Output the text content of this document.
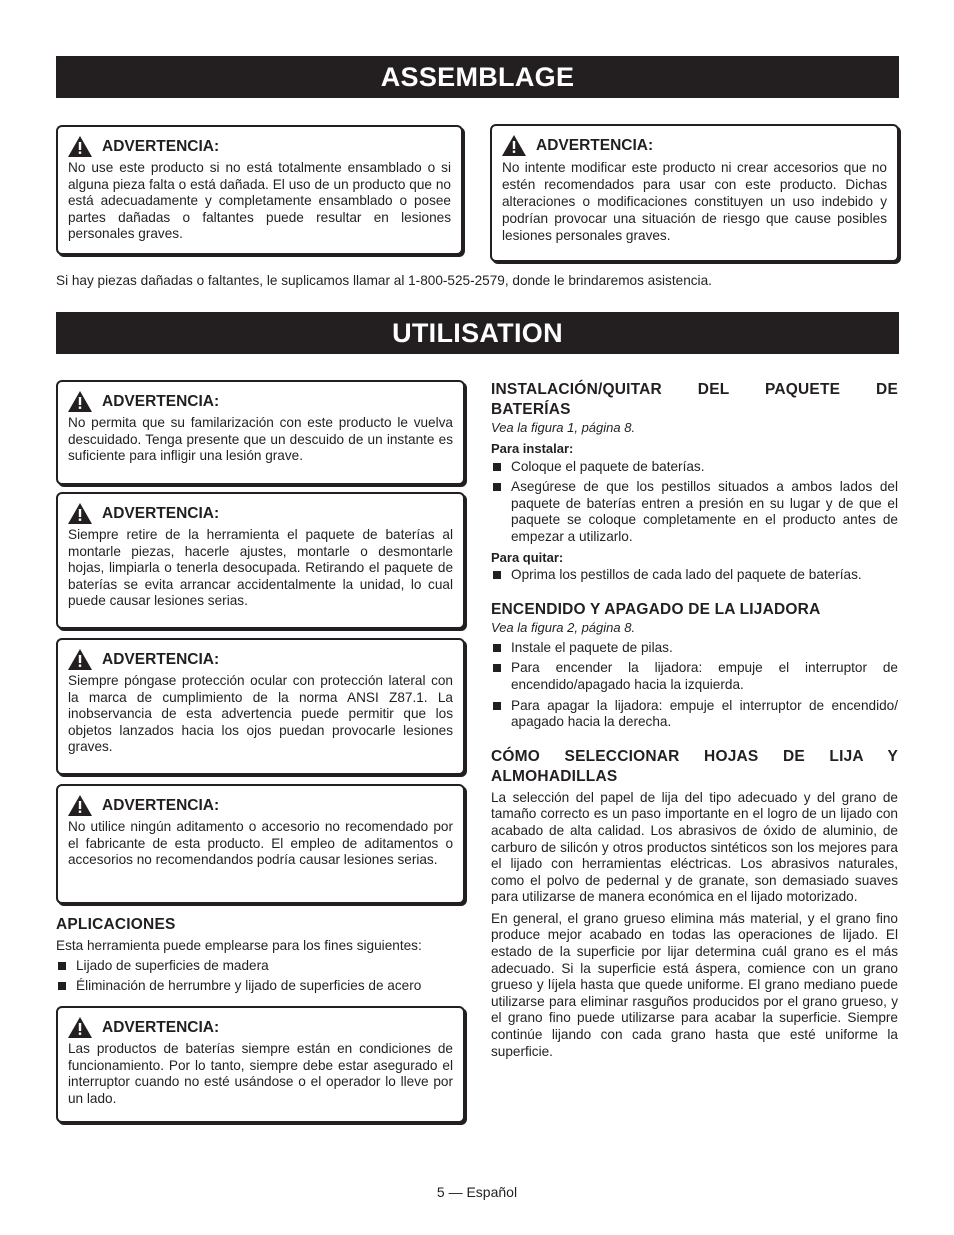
ASSEMBLAGE
ADVERTENCIA:
No use este producto si no está totalmente ensamblado o si alguna pieza falta o está dañada. El uso de un producto que no está adecuadamente y completamente ensamblado o posee partes dañadas o faltantes puede resultar en lesiones personales graves.
ADVERTENCIA:
No intente modificar este producto ni crear accesorios que no estén recomendados para usar con este producto. Dichas alteraciones o modificaciones constituyen un uso indebido y podrían provocar una situación de riesgo que cause posibles lesiones personales graves.
Si hay piezas dañadas o faltantes, le suplicamos llamar al 1-800-525-2579, donde le brindaremos asistencia.
UTILISATION
ADVERTENCIA:
No permita que su familarización con este producto le vuelva descuidado. Tenga presente que un descuido de un instante es suficiente para infligir una lesión grave.
ADVERTENCIA:
Siempre retire de la herramienta el paquete de baterías al montarle piezas, hacerle ajustes, montarle o desmontarle hojas, limpiarla o tenerla desocupada. Retirando el paquete de baterías se evita arrancar accidentalmente la unidad, lo cual puede causar lesiones serias.
ADVERTENCIA:
Siempre póngase protección ocular con protección lateral con la marca de cumplimiento de la norma ANSI Z87.1. La inobservancia de esta advertencia puede permitir que los objetos lanzados hacia los ojos puedan provocarle lesiones graves.
ADVERTENCIA:
No utilice ningún aditamento o accesorio no recomendado por el fabricante de esta producto. El empleo de aditamentos o accesorios no recomendandos podría causar lesiones serias.
APLICACIONES
Esta herramienta puede emplearse para los fines siguientes:
Lijado de superficies de madera
Éliminación de herrumbre y lijado de superficies de acero
ADVERTENCIA:
Las productos de baterías siempre están en condiciones de funcionamiento. Por lo tanto, siempre debe estar asegurado el interruptor cuando no esté usándose o el operador lo lleve por un lado.
INSTALACIÓN/QUITAR DEL PAQUETE DE BATERÍAS
Vea la figura 1, página 8.
Para instalar:
Coloque el paquete de baterías.
Asegúrese de que los pestillos situados a ambos lados del paquete de baterías entren a presión en su lugar y de que el paquete se coloque completamente en el producto antes de empezar a utilizarlo.
Para quitar:
Oprima los pestillos de cada lado del paquete de baterías.
ENCENDIDO Y APAGADO DE LA LIJADORA
Vea la figura 2, página 8.
Instale el paquete de pilas.
Para encender la lijadora: empuje el interruptor de encendido/apagado hacia la izquierda.
Para apagar la lijadora: empuje el interruptor de encendido/ apagado hacia la derecha.
CÓMO SELECCIONAR HOJAS DE LIJA Y ALMOHADILLAS

La selección del papel de lija del tipo adecuado y del grano de tamaño correcto es un paso importante en el logro de un lijado con acabado de alta calidad. Los abrasivos de óxido de aluminio, de carburo de silicón y otros productos sintéticos son los mejores para el lijado con herramientas eléctricas. Los abrasivos naturales, como el polvo de pedernal y de granate, son demasiado suaves para utilizarse de manera económica en el lijado motorizado.

En general, el grano grueso elimina más material, y el grano fino produce mejor acabado en todas las operaciones de lijado. El estado de la superficie por lijar determina cuál grano es el más adecuado. Si la superficie está áspera, comience con un grano grueso y líjela hasta que quede uniforme. El grano mediano puede utilizarse para eliminar rasguños producidos por el grano grueso, y el grano fino puede utilizarse para acabar la superficie. Siempre continúe lijando con cada grano hasta que esté uniforme la superficie.

5 — Español
